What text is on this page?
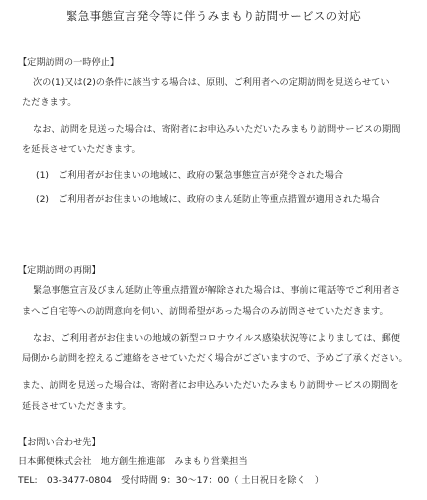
緊急事態宣言発令等に伴うみまもり訪問サービスの対応
【定期訪問の一時停止】
次の(1)又は(2)の条件に該当する場合は、原則、ご利用者への定期訪問を見送らせてい
ただきます。
なお、訪問を見送った場合は、寄附者にお申込みいただいたみまもり訪問サービスの期間
を延長させていただきます。
(1)　ご利用者がお住まいの地域に、政府の緊急事態宣言が発令された場合
(2)　ご利用者がお住まいの地域に、政府のまん延防止等重点措置が適用された場合
【定期訪問の再開】
緊急事態宣言及びまん延防止等重点措置が解除された場合は、事前に電話等でご利用者さ
まへご自宅等への訪問意向を伺い、訪問希望があった場合のみ訪問させていただきます。
なお、ご利用者がお住まいの地域の新型コロナウイルス感染状況等によりましては、郵便
局側から訪問を控えるご連絡をさせていただく場合がございますので、予めご了承ください。
また、訪問を見送った場合は、寄附者にお申込みいただいたみまもり訪問サービスの期間を
延長させていただきます。
【お問い合わせ先】
日本郵便株式会社　地方創生推進部　みまもり営業担当
TEL:　03-3477-0804　受付時間 9：30～17：00（ 土日祝日を除く　）
